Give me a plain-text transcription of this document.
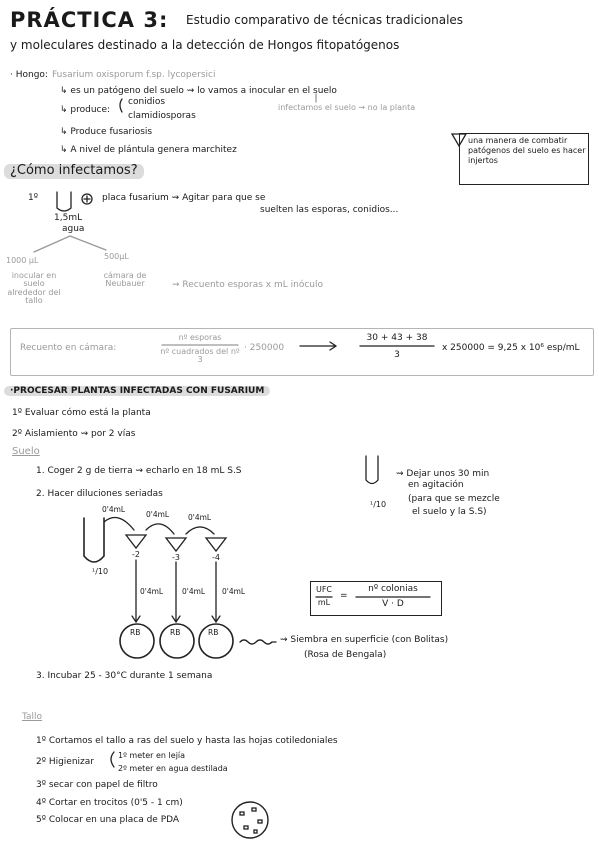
PRÁCTICA 3: Estudio comparativo de técnicas tradicionales
y moleculares destinado a la detección de Hongos fitopatógenos
· Hongo: Fusarium oxisporum f.sp. lycopersici
↳ es un patógeno del suelo ⇝ lo vamos a inocular en el suelo
↳ produce:
conidios
clamidiosporas
infectamos el suelo ⇝ no la planta
↳ Produce fusariosis
↳ A nivel de plántula genera marchitez
una manera de combatir patógenos del suelo es hacer injertos
¿Cómo infectamos?
1º	placa fusarium ⇝ Agitar para que se
suelten las esporas, conidios...
1,5mL
agua
1000 µL
inocular en suelo alrededor del tallo
500µL
cámara de Neubauer	⇝ Recuento esporas x mL inóculo
Recuento en cámara:
nº esporas
nº cuadrados del nº 3
· 250000
30 + 43 + 38
3
x 250000 = 9,25 x 10⁶ esp/mL
·PROCESAR PLANTAS INFECTADAS CON FUSARIUM
1º Evaluar cómo está la planta
2º Aislamiento ⇝ por 2 vías
Suelo
1. Coger 2 g de tierra ⇝ echarlo en 18 mL S.S
2. Hacer diluciones seriadas
¹/10
⇝ Dejar unos 30 min
en agitación
(para que se mezcle
el suelo y la S.S)
¹/10
0'4mL
0'4mL	0'4mL
-2	-3	-4
0'4mL	0'4mL 0'4mL
RB	RB	RB
⇝ Siembra en superficie (con Bolitas)
(Rosa de Bengala)
UFC
mL
=
nº colonias
V · D
3. Incubar 25 - 30°C durante 1 semana
Tallo
1º Cortamos el tallo a ras del suelo y hasta las hojas cotiledoniales
2º Higienizar
1º meter en lejía
2º meter en agua destilada
3º secar con papel de filtro
4º Cortar en trocitos (0'5 - 1 cm)
5º Colocar en una placa de PDA
